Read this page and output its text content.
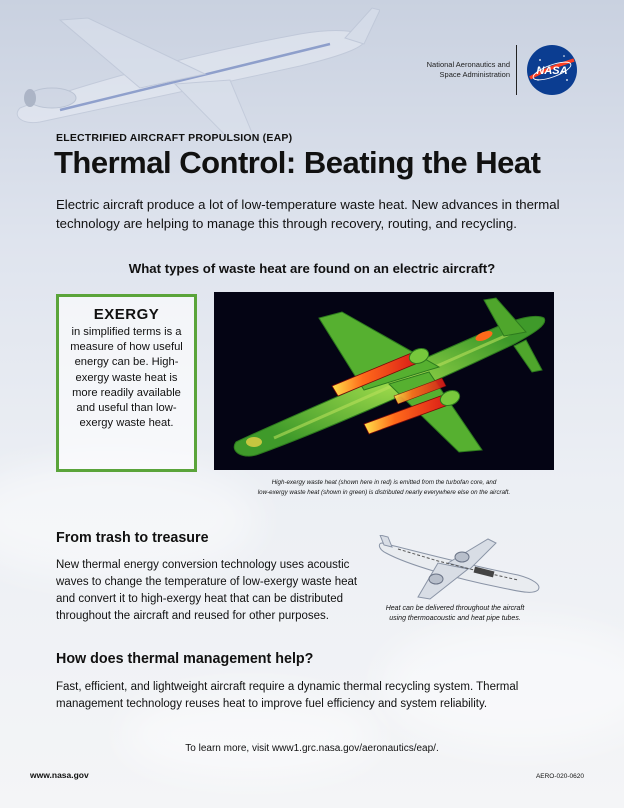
National Aeronautics and
Space Administration NASA
ELECTRIFIED AIRCRAFT PROPULSION (EAP)
Thermal Control: Beating the Heat
Electric aircraft produce a lot of low-temperature waste heat. New advances in thermal technology are helping to manage this through recovery, routing, and recycling.
What types of waste heat are found on an electric aircraft?
EXERGY
in simplified terms is a measure of how useful energy can be. High-exergy waste heat is more readily available and useful than low-exergy waste heat.
High-exergy waste heat (shown here in red) is emitted from the turbofan core, and
low-exergy waste heat (shown in green) is distributed nearly everywhere else on the aircraft.
From trash to treasure
New thermal energy conversion technology uses acoustic waves to change the temperature of low-exergy waste heat and convert it to high-exergy heat that can be distributed throughout the aircraft and reused for other purposes.
Heat can be delivered throughout the aircraft using thermoacoustic and heat pipe tubes.
How does thermal management help?
Fast, efficient, and lightweight aircraft require a dynamic thermal recycling system. Thermal management technology reuses heat to improve fuel efficiency and system reliability.
To learn more, visit www1.grc.nasa.gov/aeronautics/eap/.
www.nasa.gov	AERO-020-0620
